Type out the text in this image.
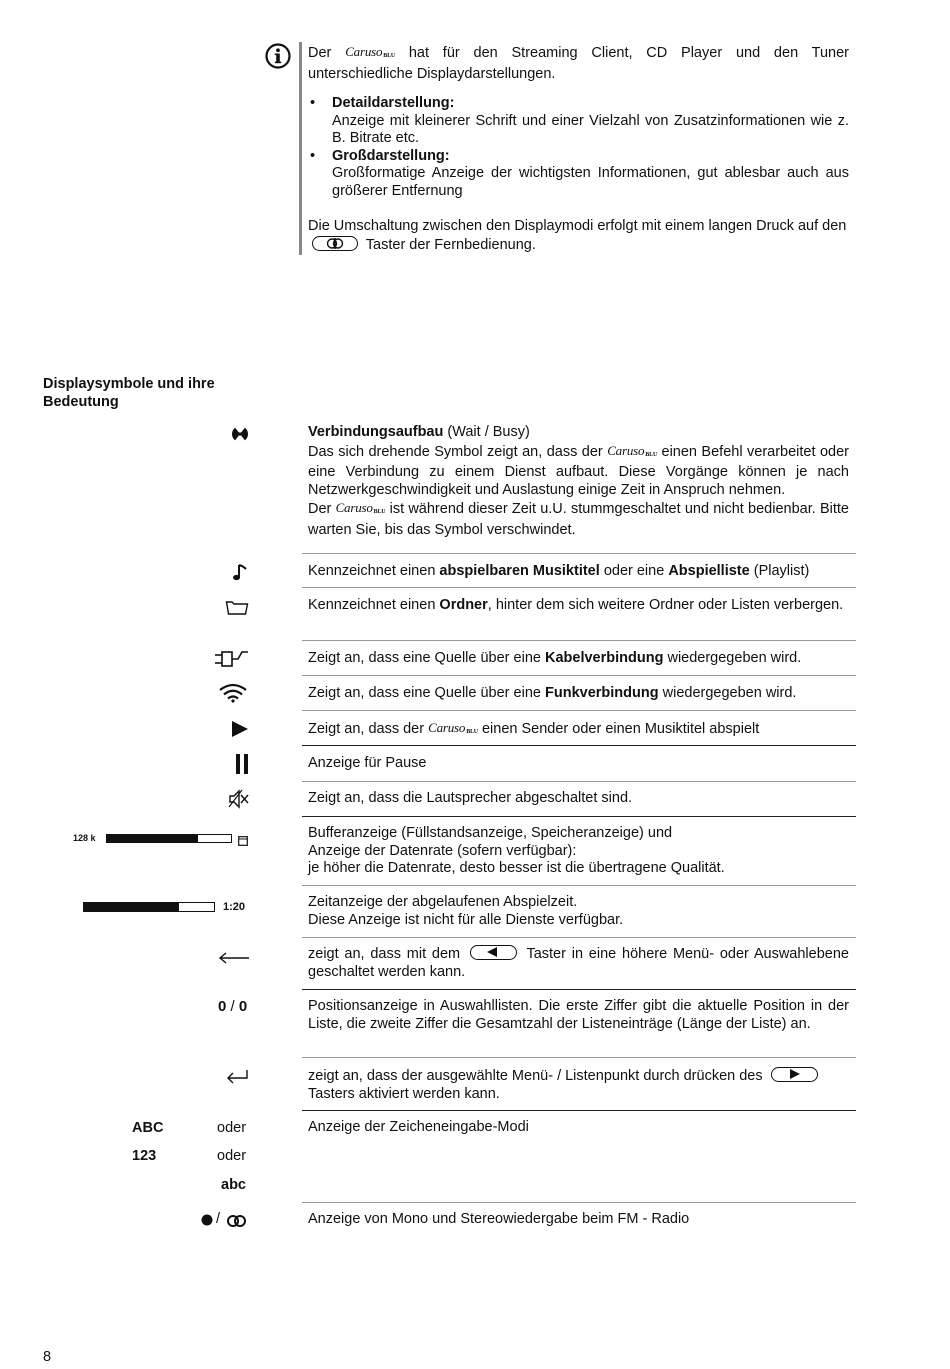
Der Caruso$_{BLU}$ hat für den Streaming Client, CD Player und den Tuner unterschiedliche Displaydarstellungen.
• Detaildarstellung:
Anzeige mit kleinerer Schrift und einer Vielzahl von Zusatzinformationen wie z. B. Bitrate etc.
• Großdarstellung:
Großformatige Anzeige der wichtigsten Informationen, gut ablesbar auch aus größerer Entfernung
Die Umschaltung zwischen den Displaymodi erfolgt mit einem langen Druck auf den
Taster der Fernbedienung.
Displaysymbole und ihre Bedeutung
Verbindungsaufbau (Wait / Busy)
Das sich drehende Symbol zeigt an, dass der Caruso$_{BLU}$ einen Befehl verarbeitet oder eine Verbindung zu einem Dienst aufbaut. Diese Vorgänge können je nach Netzwerkgeschwindigkeit und Auslastung einige Zeit in Anspruch nehmen.
Der Caruso$_{BLU}$ ist während dieser Zeit u.U. stummgeschaltet und nicht bedienbar. Bitte warten Sie, bis das Symbol verschwindet.
Kennzeichnet einen abspielbaren Musiktitel oder eine Abspielliste (Playlist)
Kennzeichnet einen Ordner, hinter dem sich weitere Ordner oder Listen verbergen.
Zeigt an, dass eine Quelle über eine Kabelverbindung wiedergegeben wird.
Zeigt an, dass eine Quelle über eine Funkverbindung wiedergegeben wird.
Zeigt an, dass der Caruso$_{BLU}$ einen Sender oder einen Musiktitel abspielt
Anzeige für Pause
Zeigt an, dass die Lautsprecher abgeschaltet sind.
128 k	Bufferanzeige (Füllstandsanzeige, Speicheranzeige) und
Anzeige der Datenrate (sofern verfügbar):
je höher die Datenrate, desto besser ist die übertragene Qualität.
1:20	Zeitanzeige der abgelaufenen Abspielzeit.
Diese Anzeige ist nicht für alle Dienste verfügbar.
zeigt an, dass mit dem	Taster in eine höhere Menü- oder Auswahlebene geschaltet werden kann.
0 / 0	Positionsanzeige in Auswahllisten. Die erste Ziffer gibt die aktuelle Position in der Liste, die zweite Ziffer die Gesamtzahl der Listeneinträge (Länge der Liste) an.
zeigt an, dass der ausgewählte Menü- / Listenpunkt durch drücken des

Tasters aktiviert werden kann.
ABC	oder
123	oder
abc
Anzeige der Zeicheneingabe-Modi
/	Anzeige von Mono und Stereowiedergabe beim FM - Radio
8
